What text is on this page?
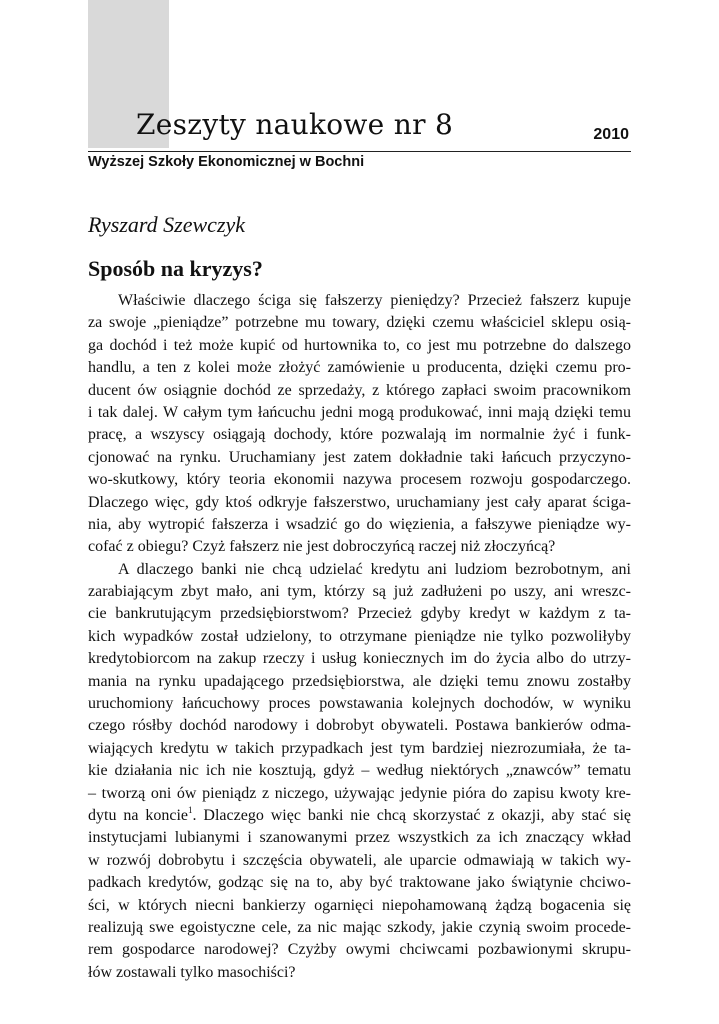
Zeszyty naukowe nr 8	2010
Wyższej Szkoły Ekonomicznej w Bochni
Ryszard Szewczyk
Sposób na kryzys?
Właściwie dlaczego ściga się fałszerzy pieniędzy? Przecież fałszerz kupuje
za swoje „pieniądze” potrzebne mu towary, dzięki czemu właściciel sklepu osią-
ga dochód i też może kupić od hurtownika to, co jest mu potrzebne do dalszego
handlu, a ten z kolei może złożyć zamówienie u producenta, dzięki czemu pro-
ducent ów osiągnie dochód ze sprzedaży, z którego zapłaci swoim pracownikom
i tak dalej. W całym tym łańcuchu jedni mogą produkować, inni mają dzięki temu
pracę, a wszyscy osiągają dochody, które pozwalają im normalnie żyć i funk-
cjonować na rynku. Uruchamiany jest zatem dokładnie taki łańcuch przyczyno-
wo-skutkowy, który teoria ekonomii nazywa procesem rozwoju gospodarczego.
Dlaczego więc, gdy ktoś odkryje fałszerstwo, uruchamiany jest cały aparat ściga-
nia, aby wytropić fałszerza i wsadzić go do więzienia, a fałszywe pieniądze wy-
cofać z obiegu? Czyż fałszerz nie jest dobroczyńcą raczej niż złoczyńcą?
A dlaczego banki nie chcą udzielać kredytu ani ludziom bezrobotnym, ani
zarabiającym zbyt mało, ani tym, którzy są już zadłużeni po uszy, ani wreszc-
cie bankrutującym przedsiębiorstwom? Przecież gdyby kredyt w każdym z ta-
kich wypadków został udzielony, to otrzymane pieniądze nie tylko pozwoliłyby
kredytobiorcom na zakup rzeczy i usług koniecznych im do życia albo do utrzy-
mania na rynku upadającego przedsiębiorstwa, ale dzięki temu znowu zostałby
uruchomiony łańcuchowy proces powstawania kolejnych dochodów, w wyniku
czego rósłby dochód narodowy i dobrobyt obywateli. Postawa bankierów odma-
wiających kredytu w takich przypadkach jest tym bardziej niezrozumiała, że ta-
kie działania nic ich nie kosztują, gdyż – według niektórych „znawców” tematu
– tworzą oni ów pieniądz z niczego, używając jedynie pióra do zapisu kwoty kre-
dytu na koncie$^1$. Dlaczego więc banki nie chcą skorzystać z okazji, aby stać się
instytucjami lubianymi i szanowanymi przez wszystkich za ich znaczący wkład
w rozwój dobrobytu i szczęścia obywateli, ale uparcie odmawiają w takich wy-
padkach kredytów, godząc się na to, aby być traktowane jako świątynie chciwo-
ści, w których niecni bankierzy ogarnięci niepohamowaną żądzą bogacenia się
realizują swe egoistyczne cele, za nic mając szkody, jakie czynią swoim procede-
rem gospodarce narodowej? Czyżby owymi chciwcami pozbawionymi skrupu-
łów zostawali tylko masochiści?
